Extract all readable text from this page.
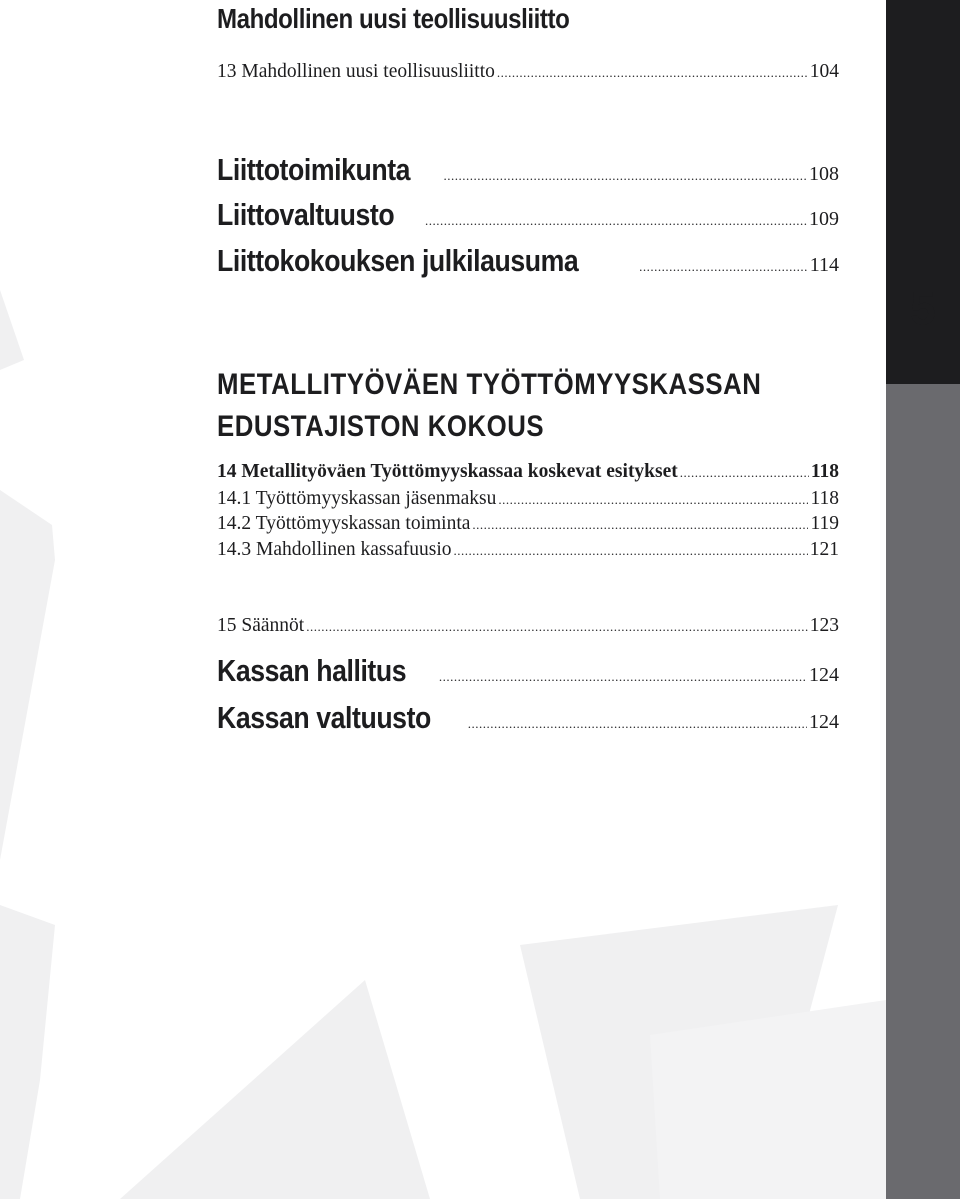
5
Mahdollinen uusi teollisuusliitto
13 Mahdollinen uusi teollisuusliitto .....	104
Liittotoimikunta .....	108
Liittovaltuusto .....	109
Liittokokouksen julkilausuma .....	114
METALLITYÖVÄEN TYÖTTÖMYYSKASSAN
EDUSTAJISTON KOKOUS
14 Metallityöväen Työttömyyskassaa koskevat esitykset .....	118
14.1 Työttömyyskassan jäsenmaksu .....	118
14.2 Työttömyyskassan toiminta .....	119
14.3 Mahdollinen kassafuusio .....	121
15 Säännöt .....	123
Kassan hallitus .....	124
Kassan valtuusto .....	124
